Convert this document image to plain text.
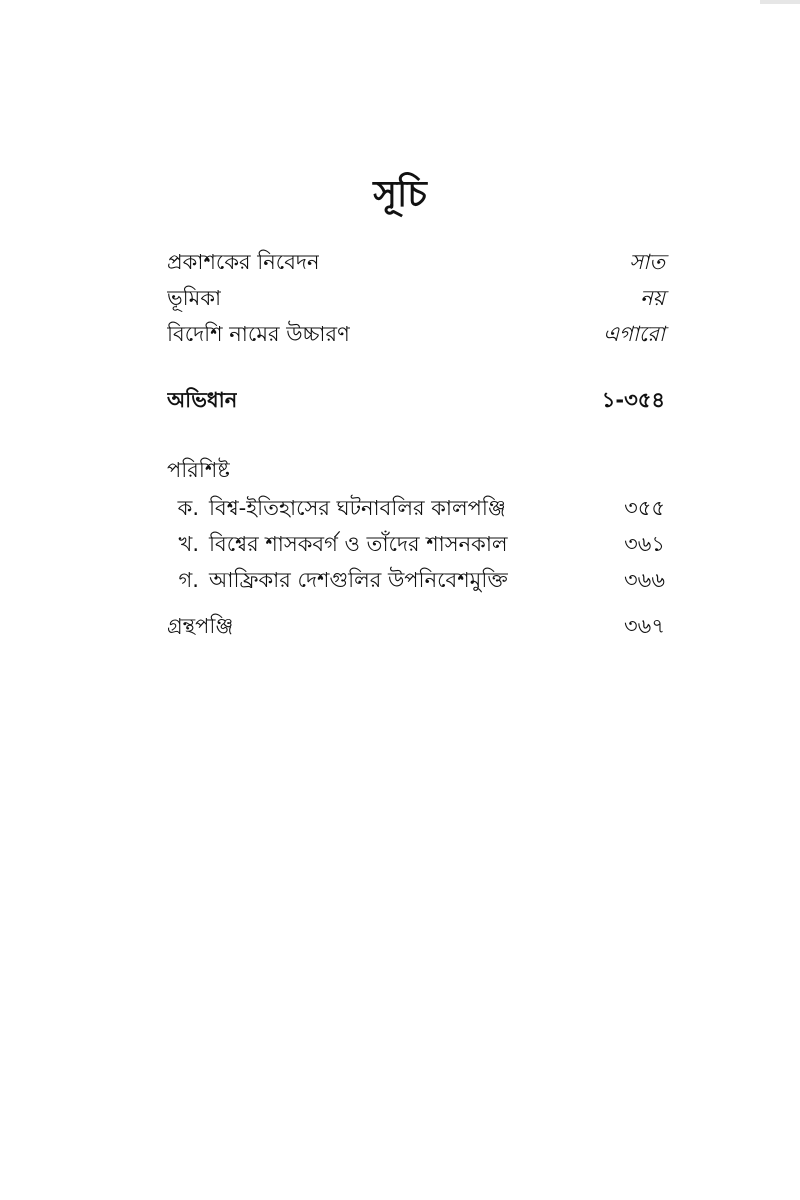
সূচি
প্রকাশকের নিবেদন	সাত
ভূমিকা	নয়
বিদেশি নামের উচ্চারণ	এগারো
অভিধান	১-৩৫৪
পরিশিষ্ট
ক. বিশ্ব-ইতিহাসের ঘটনাবলির কালপঞ্জি	৩৫৫
খ. বিশ্বের শাসকবর্গ ও তাঁদের শাসনকাল	৩৬১
গ. আফ্রিকার দেশগুলির উপনিবেশমুক্তি	৩৬৬
গ্রন্থপঞ্জি	৩৬৭
